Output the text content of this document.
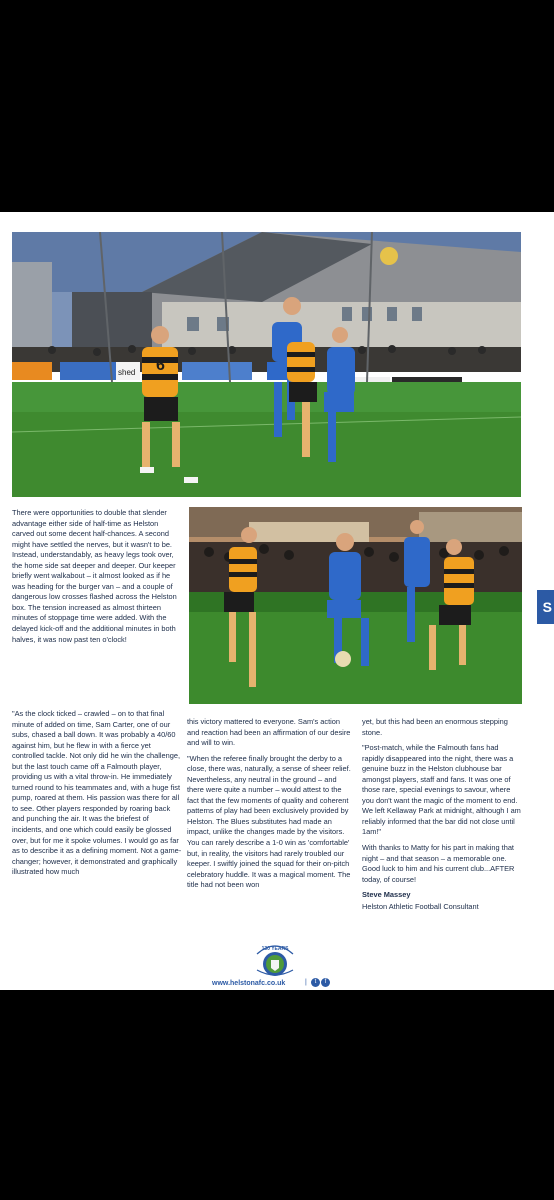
shed 6

There were opportunities to double that slender advantage either side of half-time as Helston carved out some decent half-chances. A second might have settled the nerves, but it wasn't to be. Instead, understandably, as heavy legs took over, the home side sat deeper and deeper. Our keeper briefly went walkabout – it almost looked as if he was heading for the burger van – and a couple of dangerous low crosses flashed across the Helston box. The tension increased as almost thirteen minutes of stoppage time were added. With the delayed kick-off and the additional minutes in both halves, it was now past ten o'clock!

"As the clock ticked – crawled – on to that final minute of added on time, Sam Carter, one of our subs, chased a ball down. It was probably a 40/60 against him, but he flew in with a fierce yet controlled tackle. Not only did he win the challenge, but the last touch came off a Falmouth player, providing us with a vital throw-in. He immediately turned round to his teammates and, with a huge fist pump, roared at them. His passion was there for all to see. Other players responded by roaring back and punching the air. It was the briefest of incidents, and one which could easily be glossed over, but for me it spoke volumes. I would go as far as to describe it as a defining moment. Not a game-changer; however, it demonstrated and graphically illustrated how much

this victory mattered to everyone. Sam's action and reaction had been an affirmation of our desire and will to win.

"When the referee finally brought the derby to a close, there was, naturally, a sense of sheer relief. Nevertheless, any neutral in the ground – and there were quite a number – would attest to the fact that the few moments of quality and coherent patterns of play had been exclusively provided by Helston. The Blues substitutes had made an impact, unlike the changes made by the visitors. You can rarely describe a 1-0 win as 'comfortable' but, in reality, the visitors had rarely troubled our keeper. I swiftly joined the squad for their on-pitch celebratory huddle. It was a magical moment. The title had not been won

yet, but this had been an enormous stepping stone.

"Post-match, while the Falmouth fans had rapidly disappeared into the night, there was a genuine buzz in the Helston clubhouse bar amongst players, staff and fans. It was one of those rare, special evenings to savour, where you don't want the magic of the moment to end. We left Kellaway Park at midnight, although I am reliably informed that the bar did not close until 1am!"

With thanks to Matty for his part in making that night – and that season – a memorable one. Good luck to him and his current club...AFTER today, of course!

Steve Massey
Helston Athletic Football Consultant
S
130 YEARS
www.helstonafc.co.uk	|	t	f
